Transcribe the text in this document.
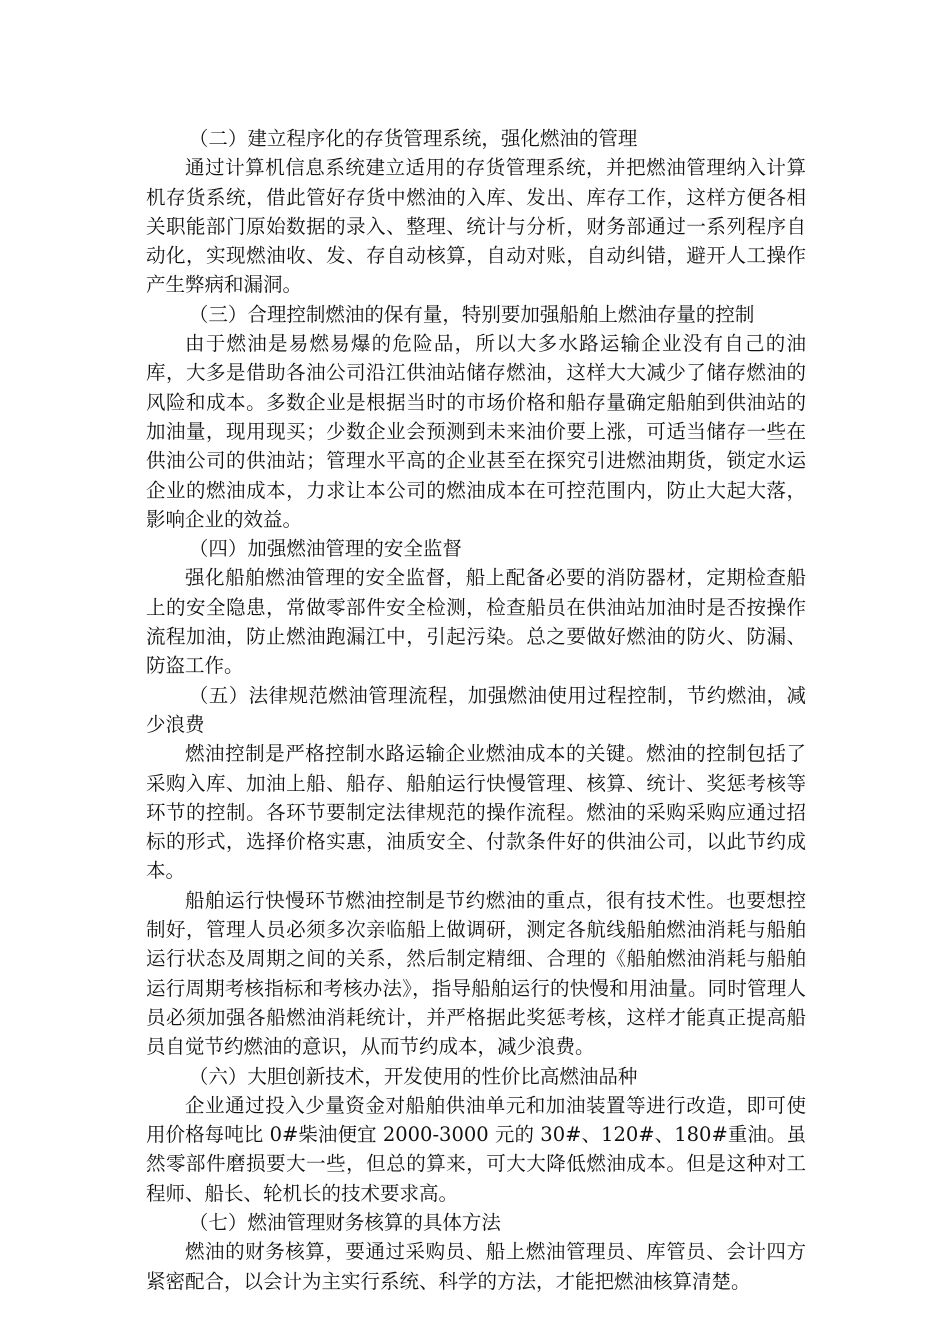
（二）建立程序化的存货管理系统，强化燃油的管理

通过计算机信息系统建立适用的存货管理系统，并把燃油管理纳入计算机存货系统，借此管好存货中燃油的入库、发出、库存工作，这样方便各相关职能部门原始数据的录入、整理、统计与分析，财务部通过一系列程序自动化，实现燃油收、发、存自动核算，自动对账，自动纠错，避开人工操作产生弊病和漏洞。

（三）合理控制燃油的保有量，特别要加强船舶上燃油存量的控制

由于燃油是易燃易爆的危险品，所以大多水路运输企业没有自己的油库，大多是借助各油公司沿江供油站储存燃油，这样大大减少了储存燃油的风险和成本。多数企业是根据当时的市场价格和船存量确定船舶到供油站的加油量，现用现买；少数企业会预测到未来油价要上涨，可适当储存一些在供油公司的供油站；管理水平高的企业甚至在探究引进燃油期货，锁定水运企业的燃油成本，力求让本公司的燃油成本在可控范围内，防止大起大落，影响企业的效益。

（四）加强燃油管理的安全监督

强化船舶燃油管理的安全监督，船上配备必要的消防器材，定期检查船上的安全隐患，常做零部件安全检测，检查船员在供油站加油时是否按操作流程加油，防止燃油跑漏江中，引起污染。总之要做好燃油的防火、防漏、防盗工作。

（五）法律规范燃油管理流程，加强燃油使用过程控制，节约燃油，减少浪费

燃油控制是严格控制水路运输企业燃油成本的关键。燃油的控制包括了采购入库、加油上船、船存、船舶运行快慢管理、核算、统计、奖惩考核等环节的控制。各环节要制定法律规范的操作流程。燃油的采购采购应通过招标的形式，选择价格实惠，油质安全、付款条件好的供油公司，以此节约成本。

船舶运行快慢环节燃油控制是节约燃油的重点，很有技术性。也要想控制好，管理人员必须多次亲临船上做调研，测定各航线船舶燃油消耗与船舶运行状态及周期之间的关系，然后制定精细、合理的《船舶燃油消耗与船舶运行周期考核指标和考核办法》，指导船舶运行的快慢和用油量。同时管理人员必须加强各船燃油消耗统计，并严格据此奖惩考核，这样才能真正提高船员自觉节约燃油的意识，从而节约成本，减少浪费。

（六）大胆创新技术，开发使用的性价比高燃油品种

企业通过投入少量资金对船舶供油单元和加油装置等进行改造，即可使用价格每吨比 0#柴油便宜 2000-3000 元的 30#、120#、180#重油。虽然零部件磨损要大一些，但总的算来，可大大降低燃油成本。但是这种对工程师、船长、轮机长的技术要求高。

（七）燃油管理财务核算的具体方法

燃油的财务核算，要通过采购员、船上燃油管理员、库管员、会计四方紧密配合，以会计为主实行系统、科学的方法，才能把燃油核算清楚。
